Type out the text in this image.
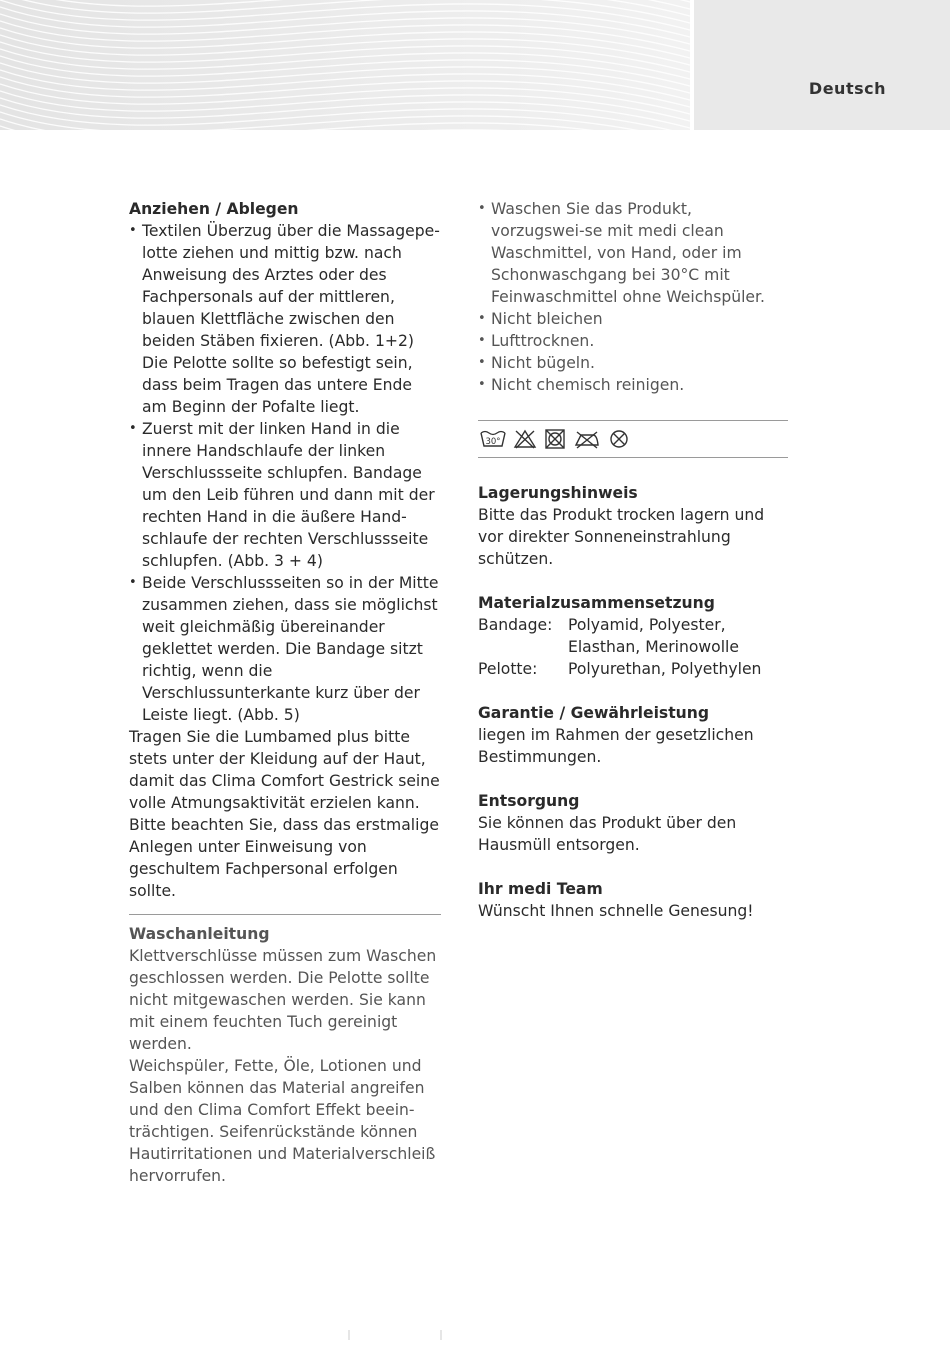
Deutsch
Anziehen / Ablegen
• Textilen Überzug über die Massagepe-lotte ziehen und mittig bzw. nach Anweisung des Arztes oder des Fachpersonals auf der mittleren, blauen Klettfläche zwischen den beiden Stäben fixieren. (Abb. 1+2) Die Pelotte sollte so befestigt sein, dass beim Tragen das untere Ende am Beginn der Pofalte liegt.
• Zuerst mit der linken Hand in die innere Handschlaufe der linken Verschlussseite schlupfen. Bandage um den Leib führen und dann mit der rechten Hand in die äußere Hand-schlaufe der rechten Verschlussseite schlupfen. (Abb. 3 + 4)
• Beide Verschlussseiten so in der Mitte zusammen ziehen, dass sie möglichst weit gleichmäßig übereinander geklettet werden. Die Bandage sitzt richtig, wenn die Verschlussunterkante kurz über der Leiste liegt. (Abb. 5)
Tragen Sie die Lumbamed plus bitte stets unter der Kleidung auf der Haut, damit das Clima Comfort Gestrick seine volle Atmungsaktivität erzielen kann.
Bitte beachten Sie, dass das erstmalige Anlegen unter Einweisung von geschultem Fachpersonal erfolgen sollte.
Waschanleitung
Klettverschlüsse müssen zum Waschen geschlossen werden. Die Pelotte sollte nicht mitgewaschen werden. Sie kann mit einem feuchten Tuch gereinigt werden.
Weichspüler, Fette, Öle, Lotionen und Salben können das Material angreifen und den Clima Comfort Effekt beein-trächtigen. Seifenrückstände können Hautirritationen und Materialverschleiß hervorrufen.
• Waschen Sie das Produkt, vorzugswei-se mit medi clean Waschmittel, von Hand, oder im Schonwaschgang bei 30°C mit Feinwaschmittel ohne Weichspüler.
• Nicht bleichen
• Lufttrocknen.
• Nicht bügeln.
• Nicht chemisch reinigen.
30°
Lagerungshinweis
Bitte das Produkt trocken lagern und vor direkter Sonneneinstrahlung schützen.
Materialzusammensetzung
Bandage:	Polyamid, Polyester, Elasthan, Merinowolle
Pelotte:	Polyurethan, Polyethylen
Garantie / Gewährleistung
liegen im Rahmen der gesetzlichen Bestimmungen.
Entsorgung
Sie können das Produkt über den Hausmüll entsorgen.
Ihr medi Team
Wünscht Ihnen schnelle Genesung!
